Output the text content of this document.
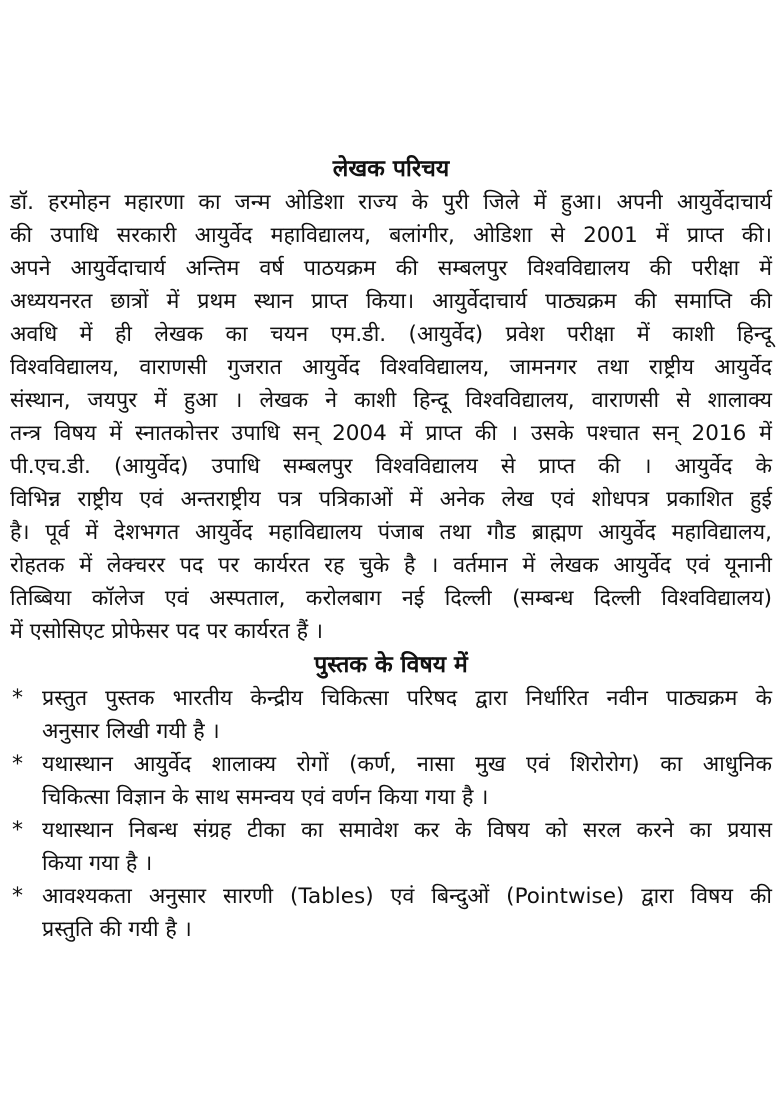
लेखक परिचय
डॉ. हरमोहन महारणा का जन्म ओडिशा राज्य के पुरी जिले में हुआ। अपनी आयुर्वेदाचार्य
की उपाधि सरकारी आयुर्वेद महाविद्यालय, बलांगीर, ओडिशा से 2001 में प्राप्त की।
अपने आयुर्वेदाचार्य अन्तिम वर्ष पाठयक्रम की सम्बलपुर विश्वविद्यालय की परीक्षा में
अध्ययनरत छात्रों में प्रथम स्थान प्राप्त किया। आयुर्वेदाचार्य पाठ्यक्रम की समाप्ति की
अवधि में ही लेखक का चयन एम.डी. (आयुर्वेद) प्रवेश परीक्षा में काशी हिन्दू
विश्वविद्यालय, वाराणसी गुजरात आयुर्वेद विश्वविद्यालय, जामनगर तथा राष्ट्रीय आयुर्वेद
संस्थान, जयपुर में हुआ । लेखक ने काशी हिन्दू विश्वविद्यालय, वाराणसी से शालाक्य
तन्त्र विषय में स्नातकोत्तर उपाधि सन् 2004 में प्राप्त की । उसके पश्चात सन् 2016 में
पी.एच.डी. (आयुर्वेद) उपाधि सम्बलपुर विश्वविद्यालय से प्राप्त की । आयुर्वेद के
विभिन्न राष्ट्रीय एवं अन्तराष्ट्रीय पत्र पत्रिकाओं में अनेक लेख एवं शोधपत्र प्रकाशित हुई
है। पूर्व में देशभगत आयुर्वेद महाविद्यालय पंजाब तथा गौड ब्राह्मण आयुर्वेद महाविद्यालय,
रोहतक में लेक्चरर पद पर कार्यरत रह चुके है । वर्तमान में लेखक आयुर्वेद एवं यूनानी
तिब्बिया कॉलेज एवं अस्पताल, करोलबाग नई दिल्ली (सम्बन्ध दिल्ली विश्वविद्यालय)
में एसोसिएट प्रोफेसर पद पर कार्यरत हैं ।
पुस्तक के विषय में
* प्रस्तुत पुस्तक भारतीय केन्द्रीय चिकित्सा परिषद द्वारा निर्धारित नवीन पाठ्यक्रम के
अनुसार लिखी गयी है ।
* यथास्थान आयुर्वेद शालाक्य रोगों (कर्ण, नासा मुख एवं शिरोरोग) का आधुनिक
चिकित्सा विज्ञान के साथ समन्वय एवं वर्णन किया गया है ।
* यथास्थान निबन्ध संग्रह टीका का समावेश कर के विषय को सरल करने का प्रयास
किया गया है ।
* आवश्यकता अनुसार सारणी (Tables) एवं बिन्दुओं (Pointwise) द्वारा विषय की
प्रस्तुति की गयी है ।
